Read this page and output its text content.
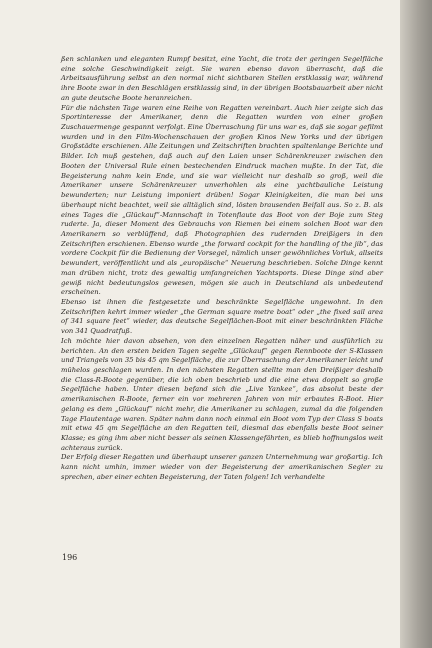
ßen schlanken und eleganten Rumpf besitzt, eine Yacht, die trotz der geringen Segelfläche eine solche Geschwindigkeit zeigt. Sie waren ebenso davon überrascht, daß die Arbeitsausführung selbst an den normal nicht sichtbaren Stellen erstklassig war, während ihre Boote zwar in den Beschlägen erstklassig sind, in der übrigen Bootsbauarbeit aber nicht an gute deutsche Boote heranreichen.

Für die nächsten Tage waren eine Reihe von Regatten vereinbart. Auch hier zeigte sich das Sportinteresse der Amerikaner, denn die Regatten wurden von einer großen Zuschauermenge gespannt verfolgt. Eine Überraschung für uns war es, daß sie sogar gefilmt wurden und in den Film-Wochenschauen der großen Kinos New Yorks und der übrigen Großstädte erschienen. Alle Zeitungen und Zeitschriften brachten spaltenlange Berichte und Bilder. Ich muß gestehen, daß auch auf den Laien unser Schärenkreuzer zwischen den Booten der Universal Rule einen bestechenden Eindruck machen mußte. In der Tat, die Begeisterung nahm kein Ende, und sie war vielleicht nur deshalb so groß, weil die Amerikaner unsere Schärenkreuzer unverhohlen als eine yachtbauliche Leistung bewunderten; nur Leistung imponiert drüben! Sogar Kleinigkeiten, die man bei uns überhaupt nicht beachtet, weil sie alltäglich sind, lösten brausenden Beifall aus. So z. B. als eines Tages die „Glückauf“-Mannschaft in Totenflaute das Boot von der Boje zum Steg ruderte. Ja, dieser Moment des Gebrauchs von Riemen bei einem solchen Boot war den Amerikanern so verblüffend, daß Photographien des rudernden Dreißigers in den Zeitschriften erschienen. Ebenso wurde „the forward cockpit for the handling of the jib“, das vordere Cockpit für die Bedienung der Vorsegel, nämlich unser gewöhnliches Vorluk, allseits bewundert, veröffentlicht und als „europäische“ Neuerung beschrieben. Solche Dinge kennt man drüben nicht, trotz des gewaltig umfangreichen Yachtsports. Diese Dinge sind aber gewiß nicht bedeutungslos gewesen, mögen sie auch in Deutschland als unbedeutend erscheinen.

Ebenso ist ihnen die festgesetzte und beschränkte Segelfläche ungewohnt. In den Zeitschriften kehrt immer wieder „the German square metre boat“ oder „the fixed sail area of 341 square feet“ wieder, das deutsche Segelflächen-Boot mit einer beschränkten Fläche von 341 Quadratfuß.

Ich möchte hier davon absehen, von den einzelnen Regatten näher und ausführlich zu berichten. An den ersten beiden Tagen segelte „Glückauf“ gegen Rennboote der S-Klassen und Triangels von 35 bis 45 qm Segelfläche, die zur Überraschung der Amerikaner leicht und mühelos geschlagen wurden. In den nächsten Regatten stellte man den Dreißiger deshalb die Class-R-Boote gegenüber, die ich oben beschrieb und die eine etwa doppelt so große Segelfläche haben. Unter diesen befand sich die „Live Yankee“, das absolut beste der amerikanischen R-Boote, ferner ein vor mehreren Jahren von mir erbautes R-Boot. Hier gelang es dem „Glückauf“ nicht mehr, die Amerikaner zu schlagen, zumal da die folgenden Tage Flautentage waren. Später nahm dann noch einmal ein Boot vom Typ der Class S boats mit etwa 45 qm Segelfläche an den Regatten teil, diesmal das ebenfalls beste Boot seiner Klasse; es ging ihm aber nicht besser als seinen Klassengefährten, es blieb hoffnungslos weit achteraus zurück.

Der Erfolg dieser Regatten und überhaupt unserer ganzen Unternehmung war großartig. Ich kann nicht umhin, immer wieder von der Begeisterung der amerikanischen Segler zu sprechen, aber einer echten Begeisterung, der Taten folgen! Ich verhandelte

196
